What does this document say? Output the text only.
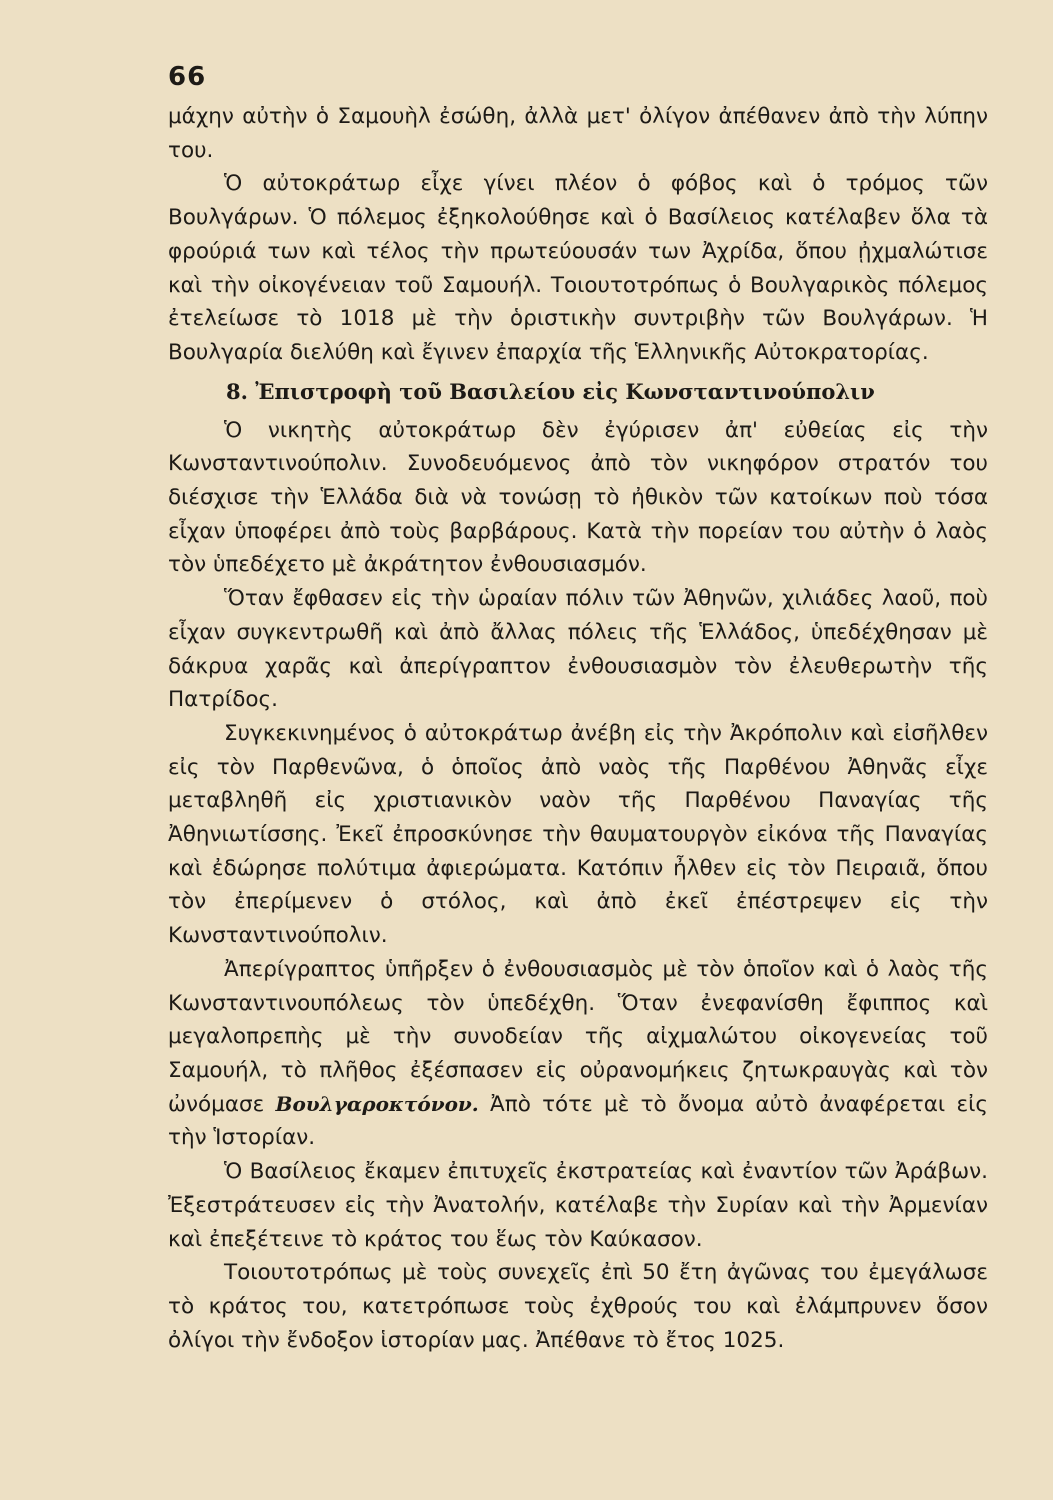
66

μάχην αὐτὴν ὁ Σαμουὴλ ἐσώθη, ἀλλὰ μετ' ὀλίγον ἀπέθανεν ἀπὸ τὴν λύπην του.

Ὁ αὐτοκράτωρ εἶχε γίνει πλέον ὁ φόβος καὶ ὁ τρόμος τῶν Βουλγάρων. Ὁ πόλεμος ἐξηκολούθησε καὶ ὁ Βασίλειος κατέλαβεν ὅλα τὰ φρούριά των καὶ τέλος τὴν πρωτεύουσάν των Ἀχρίδα, ὅπου ᾐχμαλώτισε καὶ τὴν οἰκογένειαν τοῦ Σαμουήλ. Τοιουτοτρόπως ὁ Βουλγαρικὸς πόλεμος ἐτελείωσε τὸ 1018 μὲ τὴν ὁριστικὴν συντριβὴν τῶν Βουλγάρων. Ἡ Βουλγαρία διελύθη καὶ ἔγινεν ἐπαρχία τῆς Ἑλληνικῆς Αὐτοκρατορίας.

8. Ἐπιστροφὴ τοῦ Βασιλείου εἰς Κωνσταντινούπολιν

Ὁ νικητὴς αὐτοκράτωρ δὲν ἐγύρισεν ἀπ' εὐθείας εἰς τὴν Κωνσταντινούπολιν. Συνοδευόμενος ἀπὸ τὸν νικηφόρον στρατόν του διέσχισε τὴν Ἑλλάδα διὰ νὰ τονώσῃ τὸ ἠθικὸν τῶν κατοίκων ποὺ τόσα εἶχαν ὑποφέρει ἀπὸ τοὺς βαρβάρους. Κατὰ τὴν πορείαν του αὐτὴν ὁ λαὸς τὸν ὑπεδέχετο μὲ ἀκράτητον ἐνθουσιασμόν.

Ὅταν ἔφθασεν εἰς τὴν ὡραίαν πόλιν τῶν Ἀθηνῶν, χιλιάδες λαοῦ, ποὺ εἶχαν συγκεντρωθῆ καὶ ἀπὸ ἄλλας πόλεις τῆς Ἑλλάδος, ὑπεδέχθησαν μὲ δάκρυα χαρᾶς καὶ ἀπερίγραπτον ἐνθουσιασμὸν τὸν ἐλευθερωτὴν τῆς Πατρίδος.

Συγκεκινημένος ὁ αὐτοκράτωρ ἀνέβη εἰς τὴν Ἀκρόπολιν καὶ εἰσῆλθεν εἰς τὸν Παρθενῶνα, ὁ ὁποῖος ἀπὸ ναὸς τῆς Παρθένου Ἀθηνᾶς εἶχε μεταβληθῆ εἰς χριστιανικὸν ναὸν τῆς Παρθένου Παναγίας τῆς Ἀθηνιωτίσσης. Ἐκεῖ ἐπροσκύνησε τὴν θαυματουργὸν εἰκόνα τῆς Παναγίας καὶ ἐδώρησε πολύτιμα ἀφιερώματα. Κατόπιν ἦλθεν εἰς τὸν Πειραιᾶ, ὅπου τὸν ἐπερίμενεν ὁ στόλος, καὶ ἀπὸ ἐκεῖ ἐπέστρεψεν εἰς τὴν Κωνσταντινούπολιν.

Ἀπερίγραπτος ὑπῆρξεν ὁ ἐνθουσιασμὸς μὲ τὸν ὁποῖον καὶ ὁ λαὸς τῆς Κωνσταντινουπόλεως τὸν ὑπεδέχθη. Ὅταν ἐνεφανίσθη ἔφιππος καὶ μεγαλοπρεπὴς μὲ τὴν συνοδείαν τῆς αἰχμαλώτου οἰκογενείας τοῦ Σαμουήλ, τὸ πλῆθος ἐξέσπασεν εἰς οὐρανομήκεις ζητωκραυγὰς καὶ τὸν ὠνόμασε Βουλγαροκτόνον. Ἀπὸ τότε μὲ τὸ ὄνομα αὐτὸ ἀναφέρεται εἰς τὴν Ἱστορίαν.

Ὁ Βασίλειος ἔκαμεν ἐπιτυχεῖς ἐκστρατείας καὶ ἐναντίον τῶν Ἀράβων. Ἐξεστράτευσεν εἰς τὴν Ἀνατολήν, κατέλαβε τὴν Συρίαν καὶ τὴν Ἀρμενίαν καὶ ἐπεξέτεινε τὸ κράτος του ἕως τὸν Καύκασον.

Τοιουτοτρόπως μὲ τοὺς συνεχεῖς ἐπὶ 50 ἔτη ἀγῶνας του ἐμεγάλωσε τὸ κράτος του, κατετρόπωσε τοὺς ἐχθρούς του καὶ ἐλάμπρυνεν ὅσον ὀλίγοι τὴν ἔνδοξον ἱστορίαν μας. Ἀπέθανε τὸ ἔτος 1025.
